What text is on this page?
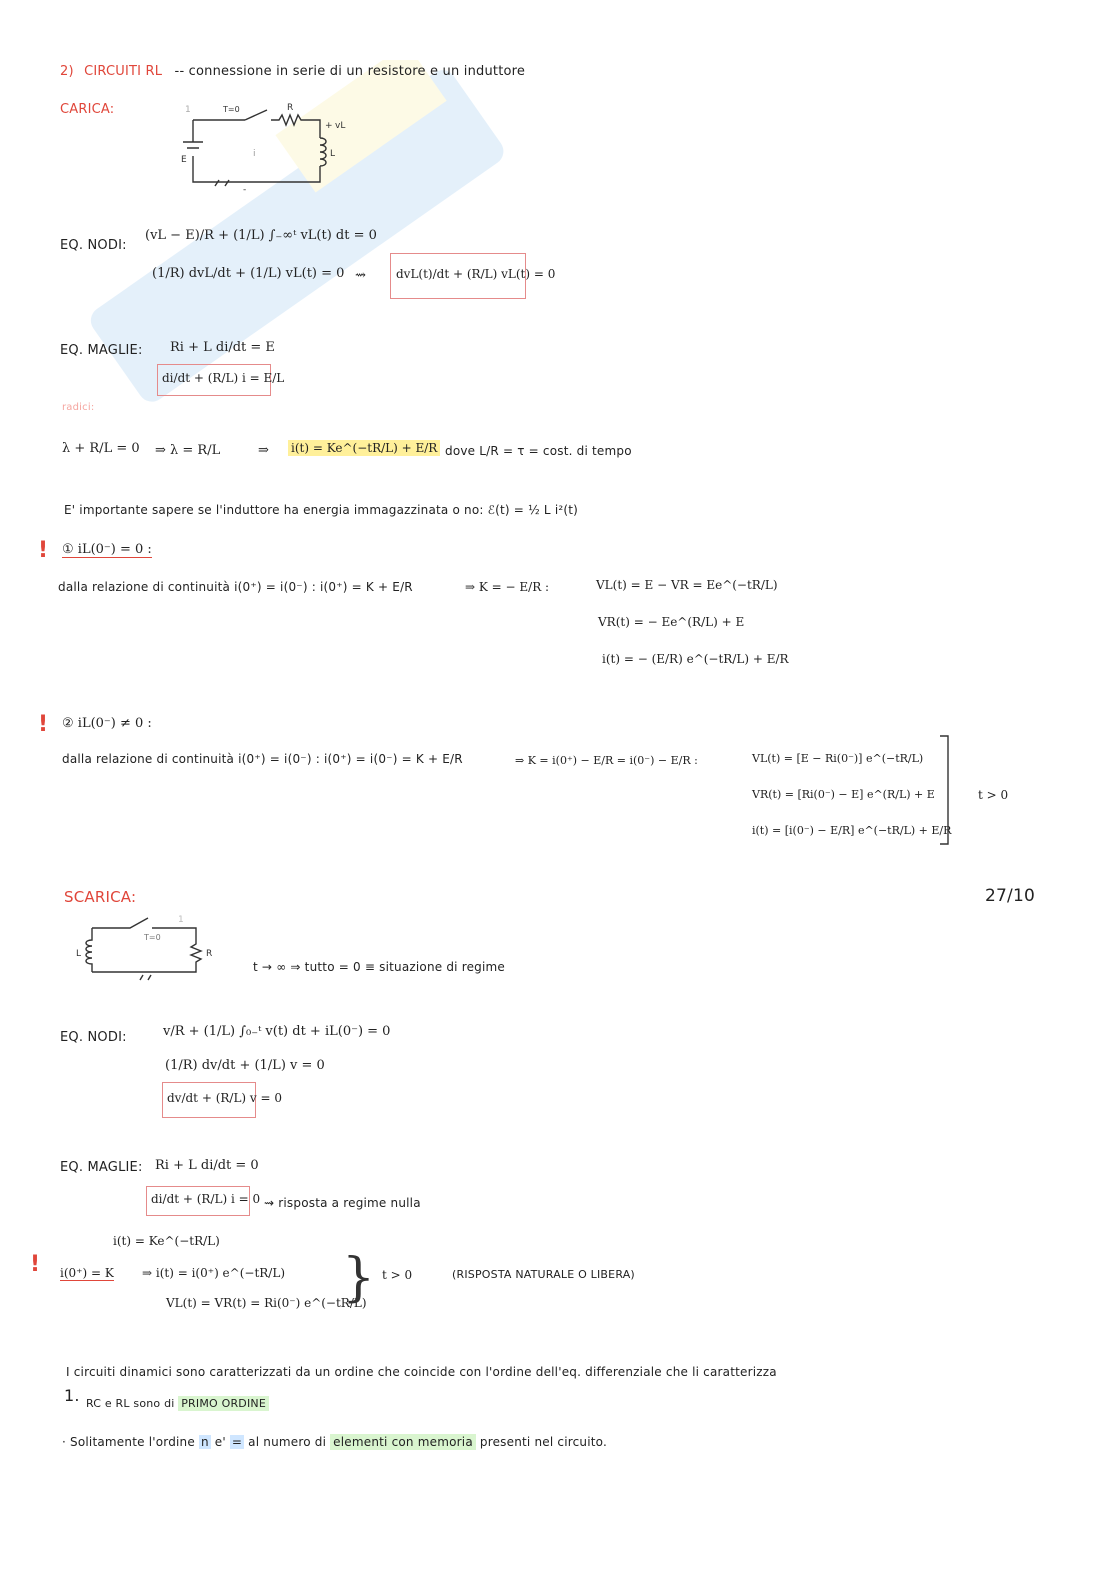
2) CIRCUITI RL -- connessione in serie di un resistore e un induttore
CARICA:	1	T=0	R
E
L
+ vL
i
-
EQ. NODI:
(vL − E)/R + (1/L) ∫₋∞ᵗ vL(t) dt = 0
(1/R) dvL/dt + (1/L) vL(t) = 0 ⇝	dvL(t)/dt + (R/L) vL(t) = 0
EQ. MAGLIE: Ri + L di/dt = E
di/dt + (R/L) i = E/L
radici:
λ + R/L = 0 ⇒ λ = R/L	⇒ i(t) = Ke^(−tR/L) + E/R dove L/R = τ = cost. di tempo
E' importante sapere se l'induttore ha energia immagazzinata o no: ℰ(t) = ½ L i²(t)
! ① iL(0⁻) = 0 :
dalla relazione di continuità i(0⁺) = i(0⁻) : i(0⁺) = K + E/R	⇒ K = − E/R :	VL(t) = E − VR = Ee^(−tR/L)
VR(t) = − Ee^(R/L) + E
i(t) = − (E/R) e^(−tR/L) + E/R
! ② iL(0⁻) ≠ 0 :
dalla relazione di continuità i(0⁺) = i(0⁻) : i(0⁺) = i(0⁻) = K + E/R	⇒ K = i(0⁺) − E/R = i(0⁻) − E/R :	VL(t) = [E − Ri(0⁻)] e^(−tR/L)
VR(t) = [Ri(0⁻) − E] e^(R/L) + E
i(t) = [i(0⁻) − E/R] e^(−tR/L) + E/R
t > 0
27/10
SCARICA:
L	R
T=0
1
t → ∞ ⇒ tutto = 0 ≡ situazione di regime
EQ. NODI:	v/R + (1/L) ∫₀₋ᵗ v(t) dt + iL(0⁻) = 0
(1/R) dv/dt + (1/L) v = 0
dv/dt + (R/L) v = 0
EQ. MAGLIE: Ri + L di/dt = 0
di/dt + (R/L) i = 0 ⇝ risposta a regime nulla
i(t) = Ke^(−tR/L)
! i(0⁺) = K ⇒ i(t) = i(0⁺) e^(−tR/L)
VL(t) = VR(t) = Ri(0⁻) e^(−tR/L)
} t > 0	(RISPOSTA NATURALE O LIBERA)
I circuiti dinamici sono caratterizzati da un ordine che coincide con l'ordine dell'eq. differenziale che li caratterizza
1. RC e RL sono di PRIMO ORDINE
· Solitamente l'ordine n e' = al numero di elementi con memoria presenti nel circuito.
